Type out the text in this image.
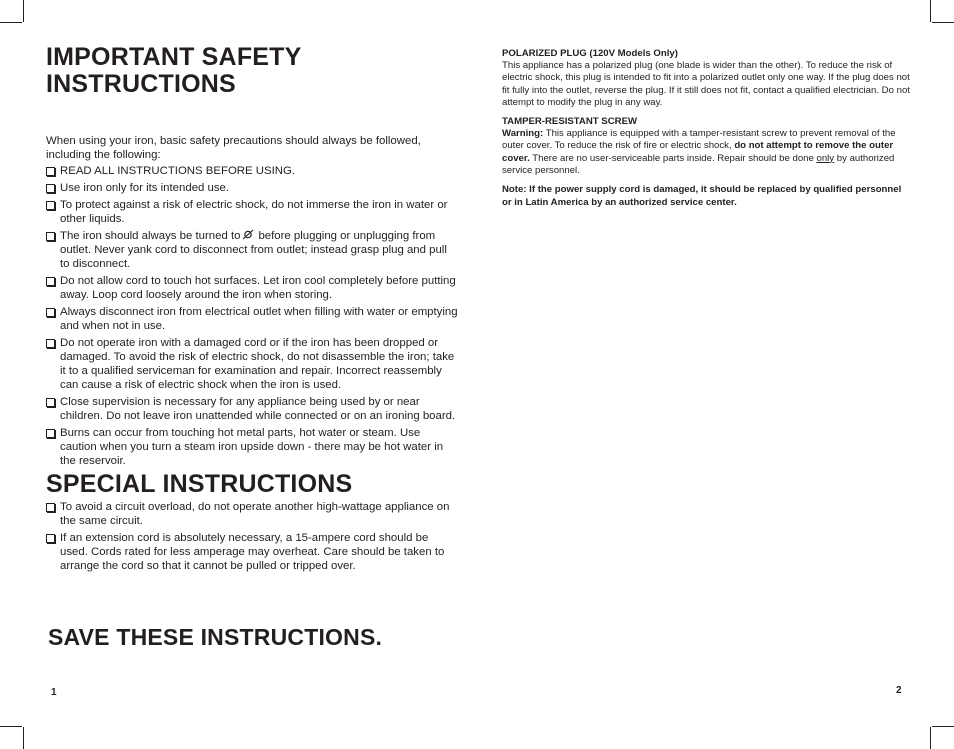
IMPORTANT SAFETY INSTRUCTIONS

When using your iron, basic safety precautions should always be followed, including the following:

READ ALL INSTRUCTIONS BEFORE USING.
Use iron only for its intended use.
To protect against a risk of electric shock, do not immerse the iron in water or other liquids.
The iron should always be turned to before plugging or unplugging from outlet. Never yank cord to disconnect from outlet; instead grasp plug and pull to disconnect.
Do not allow cord to touch hot surfaces. Let iron cool completely before putting away. Loop cord loosely around the iron when storing.
Always disconnect iron from electrical outlet when filling with water or emptying and when not in use.
Do not operate iron with a damaged cord or if the iron has been dropped or damaged. To avoid the risk of electric shock, do not disassemble the iron; take it to a qualified serviceman for examination and repair. Incorrect reassembly can cause a risk of electric shock when the iron is used.
Close supervision is necessary for any appliance being used by or near children. Do not leave iron unattended while connected or on an ironing board.
Burns can occur from touching hot metal parts, hot water or steam. Use caution when you turn a steam iron upside down - there may be hot water in the reservoir.
SPECIAL INSTRUCTIONS
To avoid a circuit overload, do not operate another high-wattage appliance on the same circuit.
If an extension cord is absolutely necessary, a 15-ampere cord should be used. Cords rated for less amperage may overheat. Care should be taken to arrange the cord so that it cannot be pulled or tripped over.
SAVE THESE INSTRUCTIONS.
1

POLARIZED PLUG (120V Models Only)

This appliance has a polarized plug (one blade is wider than the other). To reduce the risk of electric shock, this plug is intended to fit into a polarized outlet only one way. If the plug does not fit fully into the outlet, reverse the plug. If it still does not fit, contact a qualified electrician. Do not attempt to modify the plug in any way.

TAMPER-RESISTANT SCREW

Warning: This appliance is equipped with a tamper-resistant screw to prevent removal of the outer cover. To reduce the risk of fire or electric shock, do not attempt to remove the outer cover. There are no user-serviceable parts inside. Repair should be done only by authorized service personnel.

Note: If the power supply cord is damaged, it should be replaced by qualified personnel or in Latin America by an authorized service center.

2
